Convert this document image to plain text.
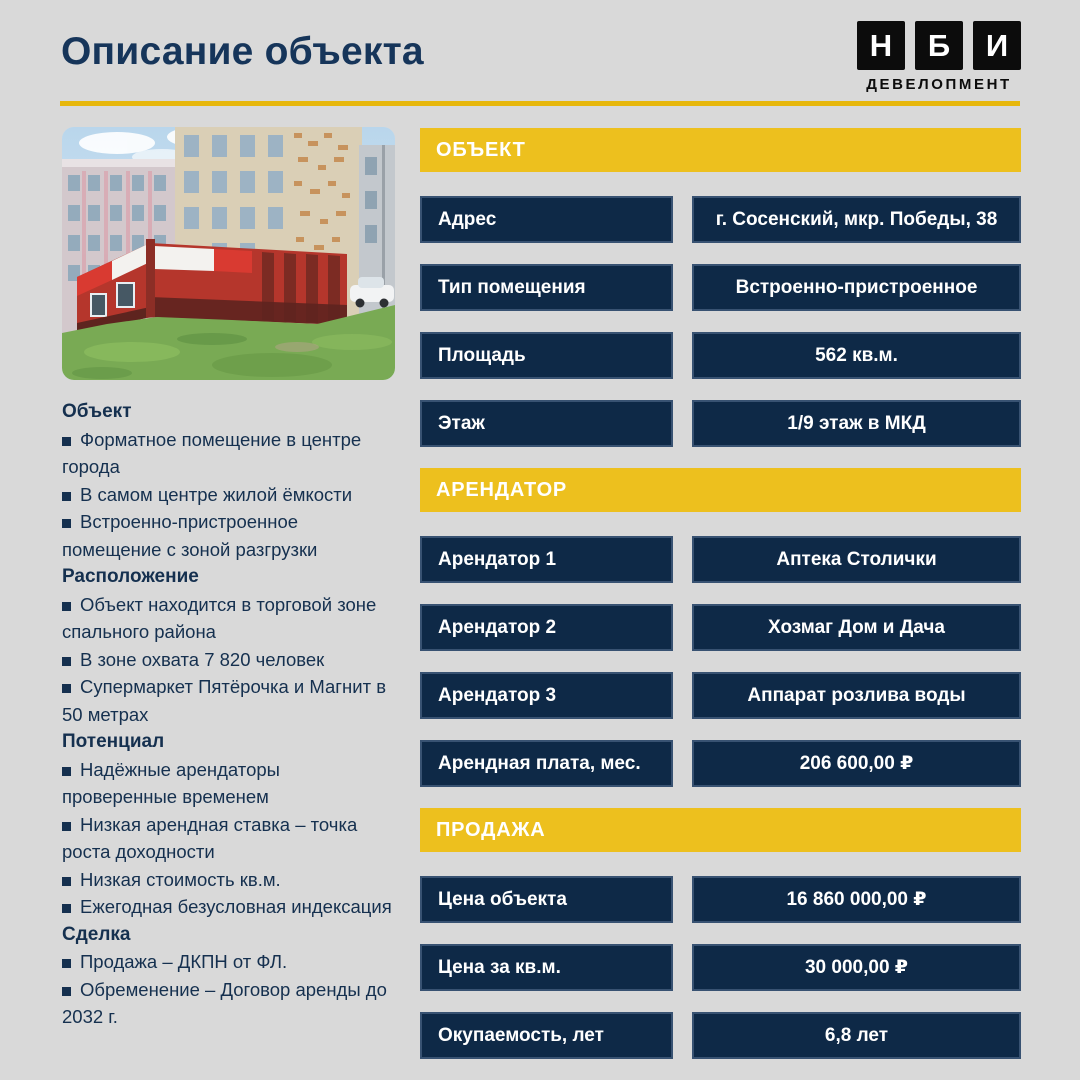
Описание объекта	Н	Б	И
ДЕВЕЛОПМЕНТ
Объект

Форматное помещение в центре города

В самом центре жилой ёмкости

Встроенно-пристроенное помещение с зоной разгрузки

Расположение

Объект находится в торговой зоне спального района

В зоне охвата 7 820 человек

Супермаркет Пятёрочка и Магнит в 50 метрах

Потенциал

Надёжные арендаторы проверенные временем

Низкая арендная ставка – точка роста доходности

Низкая стоимость кв.м.

Ежегодная безусловная индексация

Сделка

Продажа – ДКПН от ФЛ.

Обременение – Договор аренды до 2032 г.

ОБЪЕКТ
Адрес	г. Сосенский, мкр. Победы, 38
Тип помещения	Встроенно-пристроенное
Площадь	562 кв.м.
Этаж	1/9 этаж в МКД
АРЕНДАТОР
Арендатор 1	Аптека Столички
Арендатор 2	Хозмаг Дом и Дача
Арендатор 3	Аппарат розлива воды
Арендная плата, мес.	206 600,00 ₽
ПРОДАЖА
Цена объекта	16 860 000,00 ₽
Цена за кв.м.	30 000,00 ₽
Окупаемость, лет	6,8 лет
